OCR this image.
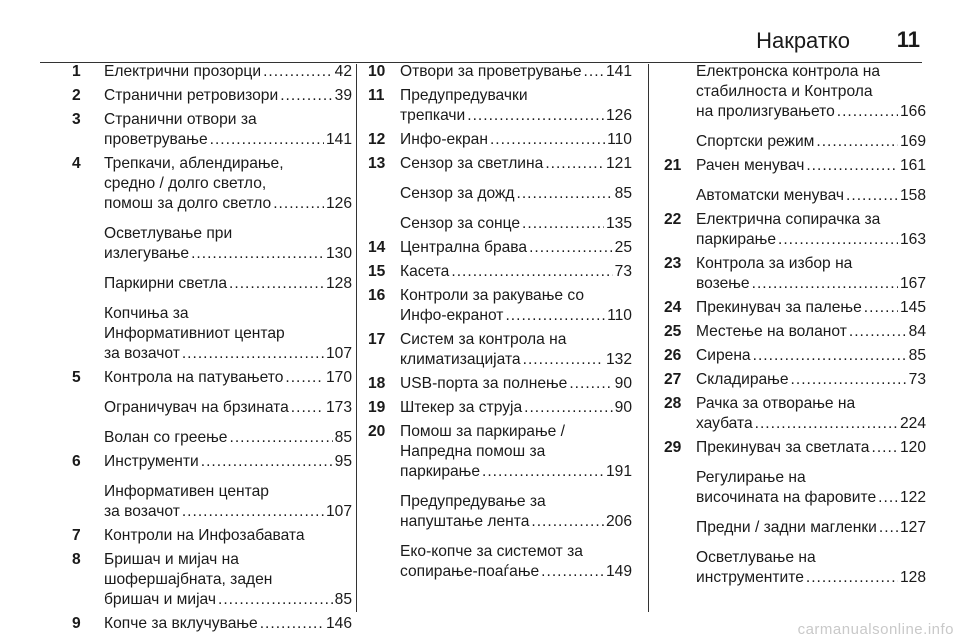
Накратко 11
1 Електрични прозорци .....	42
2 Странични ретровизори .....	39
3 Странични отвори за
проветрување .....	141
4 Трепкачи, аблендирање,
средно / долго светло,
помош за долго светло .....	126
Осветлување при
излегување .....	130
Паркирни светла .....	128
Копчиња за
Информативниот центар
за возачот .....	107
5 Контрола на патувањето .....	170
Ограничувач на брзината ..... 173
Волан со греење .....	85
6 Инструменти .....	95
Информативен центар
за возачот .....	107
7 Контроли на Инфозабавата
8 Бришач и мијач на
шофершајбната, заден
бришач и мијач .....	85
9 Копче за вклучување .....	146
10 Отвори за проветрување ..... 141
11 Предупредувачки
трепкачи .....	126
12 Инфо-екран .....	110
13 Сензор за светлина .....	121
Сензор за дожд .....	85
Сензор за сонце .....	135
14 Централна брава .....	25
15 Касета .....	73
16 Контроли за ракување со
Инфо-екранот .....	110
17 Систем за контрола на
климатизацијата .....	132
18 USB-порта за полнење .....	90
19 Штекер за струја .....	90
20 Помош за паркирање /
Напредна помош за
паркирање .....	191
Предупредување за
напуштање лента .....	206
Еко-копче за системот за
сопирање-поаѓање .....	149
Електронска контрола на
стабилноста и Контрола
на пролизгувањето .....	166
Спортски режим .....	169
21 Рачен менувач .....	161
Автоматски менувач .....	158
22 Електрична сопирачка за
паркирање .....	163
23 Контрола за избор на
возење .....	167
24 Прекинувач за палење ..... 145
25 Местење на воланот .....	84
26 Сирена .....	85
27 Складирање .....	73
28 Рачка за отворање на
хаубата .....	224
29 Прекинувач за светлата ..... 120
Регулирање на
височината на фаровите ..... 122
Предни / задни магленки ..... 127
Осветлување на
инструментите .....	128
carmanualsonline.info
